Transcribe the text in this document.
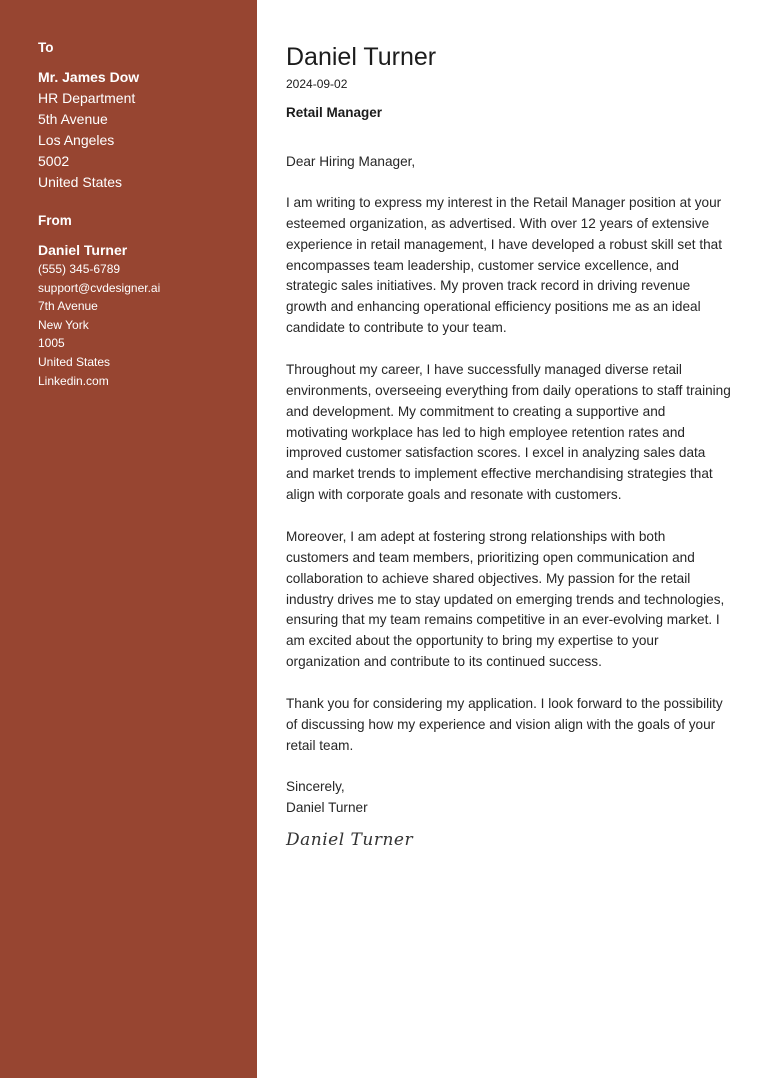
To
Mr. James Dow
HR Department
5th Avenue
Los Angeles
5002
United States
From
Daniel Turner
(555) 345-6789
support@cvdesigner.ai
7th Avenue
New York
1005
United States
Linkedin.com
Daniel Turner
2024-09-02
Retail Manager

Dear Hiring Manager,

I am writing to express my interest in the Retail Manager position at your esteemed organization, as advertised. With over 12 years of extensive experience in retail management, I have developed a robust skill set that encompasses team leadership, customer service excellence, and strategic sales initiatives. My proven track record in driving revenue growth and enhancing operational efficiency positions me as an ideal candidate to contribute to your team.

Throughout my career, I have successfully managed diverse retail environments, overseeing everything from daily operations to staff training and development. My commitment to creating a supportive and motivating workplace has led to high employee retention rates and improved customer satisfaction scores. I excel in analyzing sales data and market trends to implement effective merchandising strategies that align with corporate goals and resonate with customers.

Moreover, I am adept at fostering strong relationships with both customers and team members, prioritizing open communication and collaboration to achieve shared objectives. My passion for the retail industry drives me to stay updated on emerging trends and technologies, ensuring that my team remains competitive in an ever-evolving market. I am excited about the opportunity to bring my expertise to your organization and contribute to its continued success.

Thank you for considering my application. I look forward to the possibility of discussing how my experience and vision align with the goals of your retail team.

Sincerely,

Daniel Turner

Daniel Turner
